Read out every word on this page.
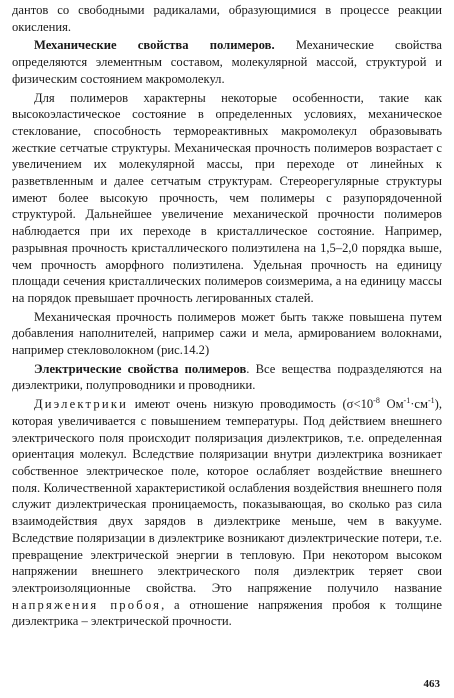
дантов со свободными радикалами, образующимися в процессе реакции окисления.

Механические свойства полимеров. Механические свойства определяются элементным составом, молекулярной массой, структурой и физическим состоянием макромолекул.

Для полимеров характерны некоторые особенности, такие как высокоэластическое состояние в определенных условиях, механическое стеклование, способность термореактивных макромолекул образовывать жесткие сетчатые структуры. Механическая прочность полимеров возрастает с увеличением их молекулярной массы, при переходе от линейных к разветвленным и далее сетчатым структурам. Стереорегулярные структуры имеют более высокую прочность, чем полимеры с разупорядоченной структурой. Дальнейшее увеличение механической прочности полимеров наблюдается при их переходе в кристаллическое состояние. Например, разрывная прочность кристаллического полиэтилена на 1,5–2,0 порядка выше, чем прочность аморфного полиэтилена. Удельная прочность на единицу площади сечения кристаллических полимеров соизмерима, а на единицу массы на порядок превышает прочность легированных сталей.

Механическая прочность полимеров может быть также повышена путем добавления наполнителей, например сажи и мела, армированием волокнами, например стекловолокном (рис.14.2)

Электрические свойства полимеров. Все вещества подразделяются на диэлектрики, полупроводники и проводники.

Диэлектрики имеют очень низкую проводимость ($\sigma<10^{-8}$ $Ом^{-1}\cdot см^{-1}$), которая увеличивается с повышением температуры. Под действием внешнего электрического поля происходит поляризация диэлектриков, т.е. определенная ориентация молекул. Вследствие поляризации внутри диэлектрика возникает собственное электрическое поле, которое ослабляет воздействие внешнего поля. Количественной характеристикой ослабления воздействия внешнего поля служит диэлектрическая проницаемость, показывающая, во сколько раз сила взаимодействия двух зарядов в диэлектрике меньше, чем в вакууме. Вследствие поляризации в диэлектрике возникают диэлектрические потери, т.е. превращение электрической энергии в тепловую. При некотором высоком напряжении внешнего электрического поля диэлектрик теряет свои электроизоляционные свойства. Это напряжение получило название напряжения пробоя, а отношение напряжения пробоя к толщине диэлектрика – электрической прочности.

463
